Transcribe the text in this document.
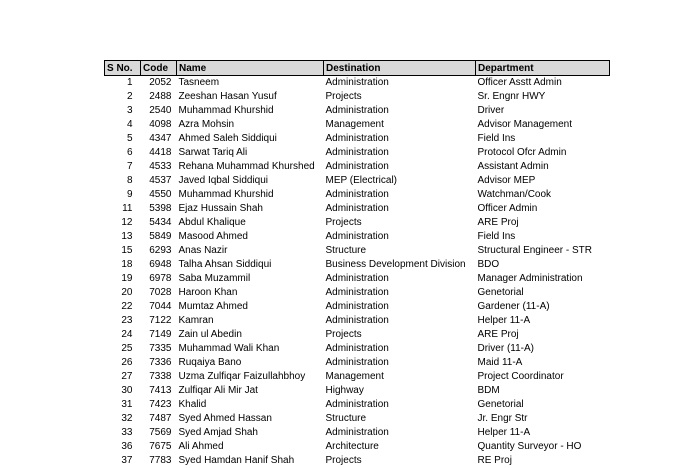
S No.	Code	Name	Destination	Department
1	2052	Tasneem	Administration	Officer Asstt Admin
2	2488	Zeeshan Hasan Yusuf	Projects	Sr. Engnr HWY
3	2540	Muhammad Khurshid	Administration	Driver
4	4098	Azra Mohsin	Management	Advisor Management
5	4347	Ahmed Saleh Siddiqui	Administration	Field Ins
6	4418	Sarwat Tariq Ali	Administration	Protocol Ofcr Admin
7	4533	Rehana Muhammad Khurshed	Administration	Assistant Admin
8	4537	Javed Iqbal Siddiqui	MEP (Electrical)	Advisor MEP
9	4550	Muhammad Khurshid	Administration	Watchman/Cook
11	5398	Ejaz Hussain Shah	Administration	Officer Admin
12	5434	Abdul Khalique	Projects	ARE Proj
13	5849	Masood Ahmed	Administration	Field Ins
15	6293	Anas Nazir	Structure	Structural Engineer - STR
18	6948	Talha Ahsan Siddiqui	Business Development Division	BDO
19	6978	Saba Muzammil	Administration	Manager Administration
20	7028	Haroon Khan	Administration	Genetorial
22	7044	Mumtaz Ahmed	Administration	Gardener (11-A)
23	7122	Kamran	Administration	Helper 11-A
24	7149	Zain ul Abedin	Projects	ARE Proj
25	7335	Muhammad Wali Khan	Administration	Driver (11-A)
26	7336	Ruqaiya Bano	Administration	Maid 11-A
27	7338	Uzma Zulfiqar Faizullahbhoy	Management	Project Coordinator
30	7413	Zulfiqar Ali Mir Jat	Highway	BDM
31	7423	Khalid	Administration	Genetorial
32	7487	Syed Ahmed Hassan	Structure	Jr. Engr Str
33	7569	Syed Amjad Shah	Administration	Helper 11-A
36	7675	Ali Ahmed	Architecture	Quantity Surveyor - HO
37	7783	Syed Hamdan Hanif Shah	Projects	RE Proj
